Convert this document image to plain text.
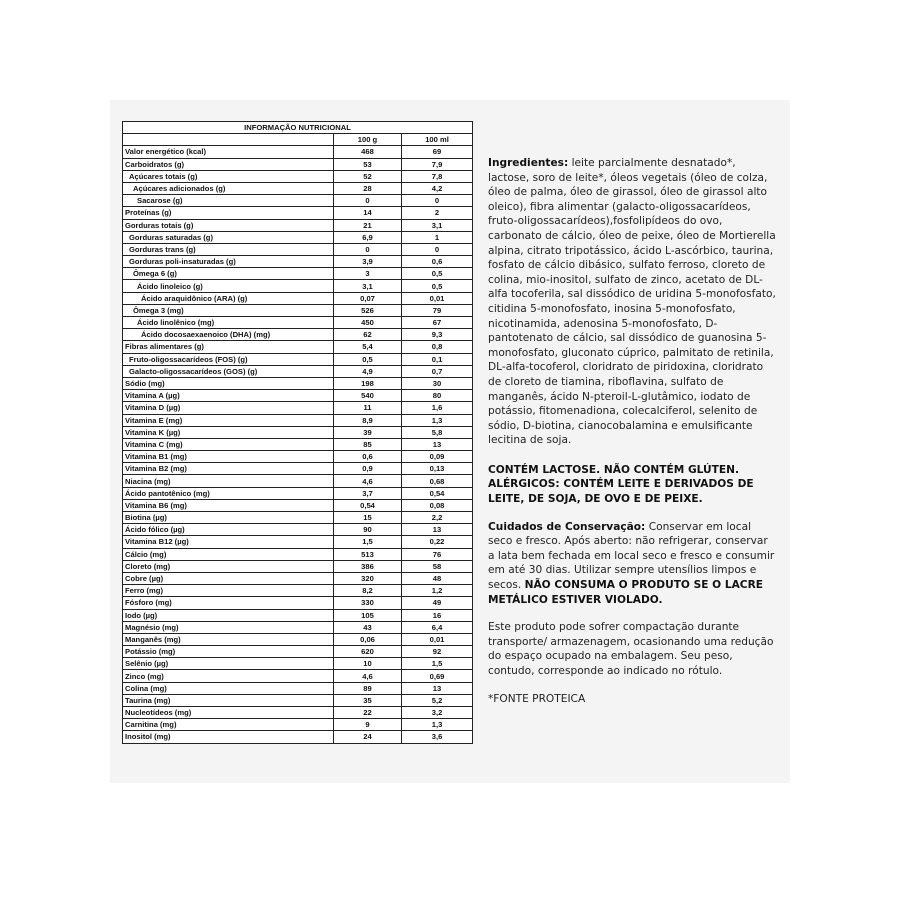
INFORMAÇÃO NUTRICIONAL		
	100 g	100 ml
Valor energético (kcal)	468	69
Carboidratos (g)	53	7,9
Açúcares totais (g)	52	7,8
Açúcares adicionados (g)	28	4,2
Sacarose (g)	0	0
Proteínas (g)	14	2
Gorduras totais (g)	21	3,1
Gorduras saturadas (g)	6,9	1
Gorduras trans (g)	0	0
Gorduras poli-insaturadas (g)	3,9	0,6
Ômega 6 (g)	3	0,5
Ácido linoleico (g)	3,1	0,5
Ácido araquidônico (ARA) (g)	0,07	0,01
Ômega 3 (mg)	526	79
Ácido linolênico (mg)	450	67
Ácido docosaexaenoico (DHA) (mg)	62	9,3
Fibras alimentares (g)	5,4	0,8
Fruto-oligossacarídeos (FOS) (g)	0,5	0,1
Galacto-oligossacarídeos (GOS) (g)	4,9	0,7
Sódio (mg)	198	30
Vitamina A (µg)	540	80
Vitamina D (µg)	11	1,6
Vitamina E (mg)	8,9	1,3
Vitamina K (µg)	39	5,8
Vitamina C (mg)	85	13
Vitamina B1 (mg)	0,6	0,09
Vitamina B2 (mg)	0,9	0,13
Niacina (mg)	4,6	0,68
Ácido pantotênico (mg)	3,7	0,54
Vitamina B6 (mg)	0,54	0,08
Biotina (µg)	15	2,2
Ácido fólico (µg)	90	13
Vitamina B12 (µg)	1,5	0,22
Cálcio (mg)	513	76
Cloreto (mg)	386	58
Cobre (µg)	320	48
Ferro (mg)	8,2	1,2
Fósforo (mg)	330	49
Iodo (µg)	105	16
Magnésio (mg)	43	6,4
Manganês (mg)	0,06	0,01
Potássio (mg)	620	92
Selênio (µg)	10	1,5
Zinco (mg)	4,6	0,69
Colina (mg)	89	13
Taurina (mg)	35	5,2
Nucleotídeos (mg)	22	3,2
Carnitina (mg)	9	1,3
Inositol (mg)	24	3,6

Ingredientes: leite parcialmente desnatado*, lactose, soro de leite*, óleos vegetais (óleo de colza, óleo de palma, óleo de girassol, óleo de girassol alto oleico), fibra alimentar (galacto-oligossacarídeos, fruto-oligossacarídeos),fosfolipídeos do ovo, carbonato de cálcio, óleo de peixe, óleo de Mortierella alpina, citrato tripotássico, ácido L-ascórbico, taurina, fosfato de cálcio dibásico, sulfato ferroso, cloreto de colina, mio-inositol, sulfato de zinco, acetato de DL-alfa tocoferila, sal dissódico de uridina 5-monofosfato, citidina 5-monofosfato, inosina 5-monofosfato, nicotinamida, adenosina 5-monofosfato, D-pantotenato de cálcio, sal dissódico de guanosina 5-monofosfato, gluconato cúprico, palmitato de retinila, DL-alfa-tocoferol, cloridrato de piridoxina, cloridrato de cloreto de tiamina, riboflavina, sulfato de manganês, ácido N-pteroil-L-glutâmico, iodato de potássio, fitomenadiona, colecalciferol, selenito de sódio, D-biotina, cianocobalamina e emulsificante lecitina de soja.

CONTÉM LACTOSE. NÃO CONTÉM GLÚTEN. ALÉRGICOS: CONTÉM LEITE E DERIVADOS DE LEITE, DE SOJA, DE OVO E DE PEIXE.

Cuidados de Conservação: Conservar em local seco e fresco. Após aberto: não refrigerar, conservar a lata bem fechada em local seco e fresco e consumir em até 30 dias. Utilizar sempre utensílios limpos e secos. NÃO CONSUMA O PRODUTO SE O LACRE METÁLICO ESTIVER VIOLADO.

Este produto pode sofrer compactação durante transporte/ armazenagem, ocasionando uma redução do espaço ocupado na embalagem. Seu peso, contudo, corresponde ao indicado no rótulo.

*FONTE PROTEICA
